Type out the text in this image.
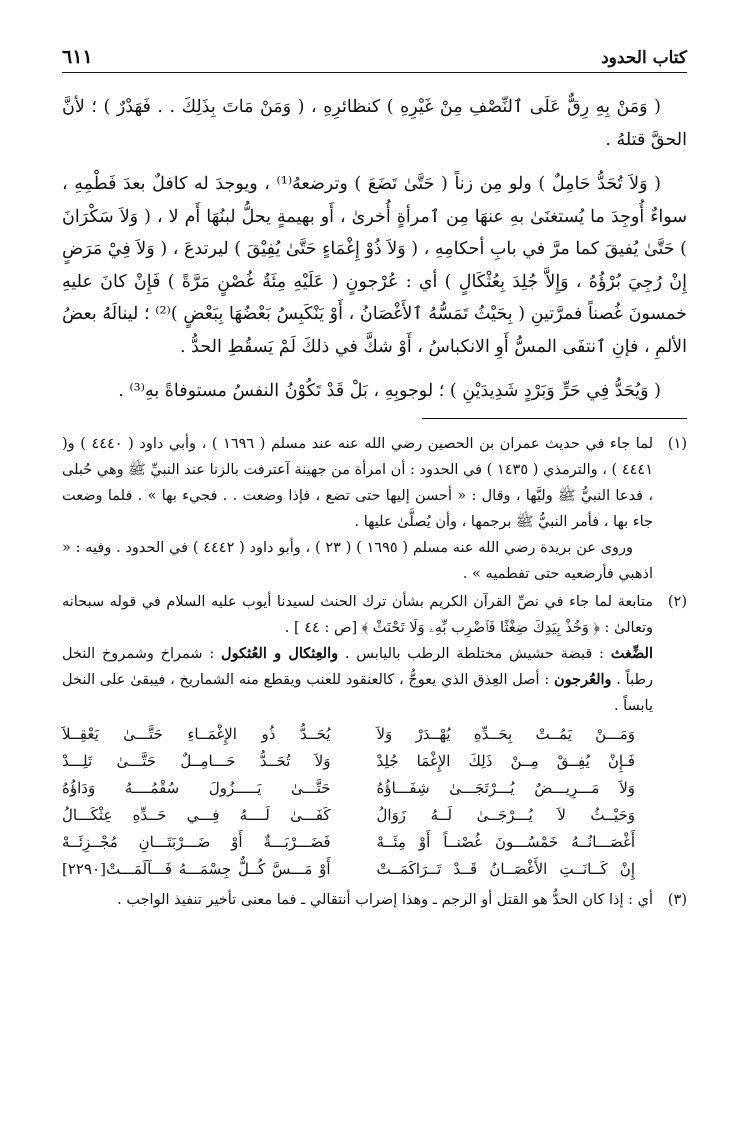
كتاب الحدود
٦١١

( وَمَنْ بِهِ رِقٌّ عَلَى ٱلنِّصْفِ مِنْ غَيْرِهِ ) كنظائرِهِ ، ( وَمَنْ مَاتَ بِذَلِكَ . . فَهَدْرٌ ) ؛ لأنَّ الحقَّ قتلهُ .

( وَلاَ تُحَدُّ حَامِلٌ ) ولو مِن زناً ( حَتَّىٰ تَضَعَ ) وترضعهُ⁽¹⁾ ، ويوجدَ له كافلٌ بعدَ فَطْمِهِ ، سواءٌ أُوجِدَ ما يُستغنَىٰ بهِ عنهَا مِن ٱمرأةٍ أُخرىٰ ، أَو بهيمةٍ يحلُّ لبنُهَا أَم لا ، ( وَلاَ سَكْرَانَ ) حَتَّىٰ يُفيقَ كما مرَّ في بابِ أحكامِهِ ، ( وَلاَ ذُوْ إِغْمَاءٍ حَتَّىٰ يُفِيْقَ ) ليرتدعَ ، ( وَلاَ فِيْ مَرَضٍ إِنْ رُجِيَ بُرْؤُهُ ، وَإِلاَّ جُلِدَ بِعُثْكَالٍ ) أي : عُرْجونٍ ( عَلَيْهِ مِئَةُ غُصْنٍ مَرَّةً ) فَإِنْ كانَ عليهِ خمسونَ غُصناً فمرَّتينِ ( بِحَيْثُ تَمَسُّهُ ٱلأَغْصَانُ ، أَوْ يَنْكَبِسُ بَعْضُهَا بِبَعْضٍ )⁽²⁾ ؛ لينالَهُ بعضُ الألمِ ، فإنِ ٱنتفَى المسُّ أَوِ الانكباسُ ، أَوْ شكَّ في ذلكَ لَمْ يَسقُطِ الحدُّ .

( وَيُحَدُّ فِي حَرٍّ وَبَرْدٍ شَدِيدَيْنِ ) ؛ لوجوبِهِ ، بَلْ قَدْ تَكُوْنُ النفسُ مستوفاةً بهِ⁽³⁾ .

(١)

لما جاء في حديث عمران بن الحصين رضي الله عنه عند مسلم ( ١٦٩٦ ) ، وأبي داود ( ٤٤٤٠ ) و( ٤٤٤١ ) ، والترمذي ( ١٤٣٥ ) في الحدود : أن امرأة من جهينة آعترفت بالزنا عند النبيِّ ﷺ وهي حُبلى ، فدعا النبيُّ ﷺ وليَّها ، وقال : « أحسن إليها حتى تضع ، فإذا وضعت . . فجيء بها » . فلما وضعت جاء بها ، فأمر النبيُّ ﷺ برجمها ، وأن يُصلَّىٰ عليها .

وروى عن بريدة رضي الله عنه مسلم ( ١٦٩٥ ) ( ٢٣ ) ، وأبو داود ( ٤٤٤٢ ) في الحدود . وفيه : « اذهبي فأرضعيه حتى تفطميه » .

(٢)

متابعة لما جاء في نصِّ القرآن الكريم بشأن ترك الحنث لسيدنا أيوب عليه السلام في قوله سبحانه وتعالىٰ : ﴿ وَخُذْ بِيَدِكَ ضِغْثًا فَٱضْرِب بِّهِۦ وَلَا تَحْنَثْ ﴾ [ص : ٤٤ ] .

الضِّغث : قبضة حشيش مختلطة الرطب باليابس . والعِثكال و العُثكول : شمراخ وشمروخ النخل رطباً . والعُرجون : أصل العِذق الذي يعوجُّ ، كالعنقود للعنب ويقطع منه الشماريخ ، فيبقىٰ على النخل يابساً .

وَمَـــنْ يَمُــتْ بِحَــدِّهِ يُهْــدَرْ وَلاَ
يُحَــدُّ ذُو الإِغْمَــاءِ حَتَّـــىٰ يَعْقِــلاَ
فَـإِنْ يُفِــقْ مِــنْ ذَلِكَ الإِغْمَا جُلِدْ
وَلاَ تُحَــدُّ حَـــامِــلٌ حَتَّـــىٰ تَلِـــدْ
وَلاَ مَـــرِيـــضٌ يُـــرْتَجَـــىٰ شِفَـــاؤُهُ
حَتَّـــىٰ يَـــــزُولَ سُقْمُــــهُ وَدَاؤُهُ
وَحَيْــثُ لاَ يُـــرْجَــىٰ لَــهُ زَوَالُ
كَفَـــىٰ لَــــهُ فِـــي حَــدِّهِ عِثْكَـــالُ
أَغْصَـــانُــهُ خَمْسُـــونَ غُصْنــاً أَوْ مِئَــهْ
فَضَـــرْبَـــةٌ أَوْ ضَـــرْبَتَـــانِ مُجْــزِئَــهْ
إِنْ كَــانَــتِ الأَغْصَــانُ قَــدْ تَــرَاكَمَــتْ
أَوْ مَـــسَّ كُــلٌّ جِسْمَـــهُ فَـــآلَمَـــتْ[٢٢٩٠]
(٣)

أي : إذا كان الحدُّ هو القتل أو الرجم ـ وهذا إضراب أنتقالي ـ فما معنى تأخير تنفيذ الواجب .
